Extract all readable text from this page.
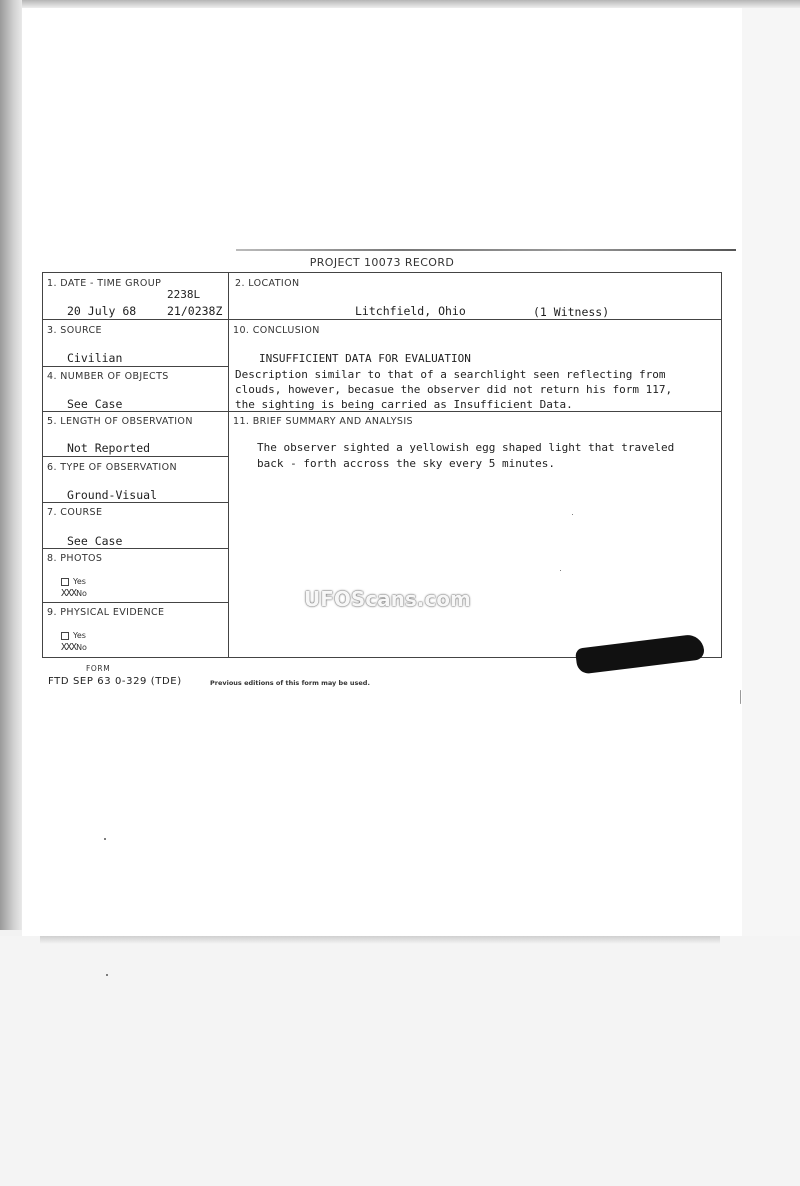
PROJECT 10073 RECORD
1. DATE - TIME GROUP
2238L
20 July 68	21/0238Z
2. LOCATION
Litchfield, Ohio	(1 Witness)
3. SOURCE
Civilian
4. NUMBER OF OBJECTS
See Case
5. LENGTH OF OBSERVATION
Not Reported
6. TYPE OF OBSERVATION
Ground-Visual
7. COURSE
See Case
8. PHOTOS
Yes
XXXNo
9. PHYSICAL EVIDENCE
Yes
XXXNo
10. CONCLUSION
INSUFFICIENT DATA FOR EVALUATION
Description similar to that of a searchlight seen reflecting from
clouds, however, becasue the observer did not return his form 117,
the sighting is being carried as Insufficient Data.
11. BRIEF SUMMARY AND ANALYSIS
The observer sighted a yellowish egg shaped light that traveled
back - forth accross the sky every 5 minutes.
FORM
FTD SEP 63 0-329 (TDE)	Previous editions of this form may be used.
UFOScans.com
